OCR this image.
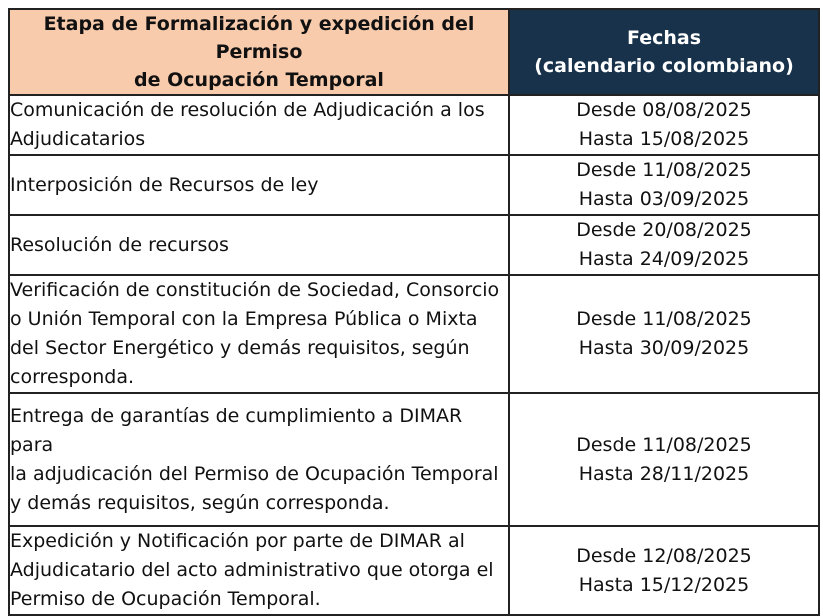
Etapa de Formalización y expedición del Permiso
de Ocupación Temporal	Fechas
(calendario colombiano)

Comunicación de resolución de Adjudicación a los
Adjudicatarios	Desde 08/08/2025
Hasta 15/08/2025

Interposición de Recursos de ley	Desde 11/08/2025
Hasta 03/09/2025

Resolución de recursos	Desde 20/08/2025
Hasta 24/09/2025

Verificación de constitución de Sociedad, Consorcio
o Unión Temporal con la Empresa Pública o Mixta
del Sector Energético y demás requisitos, según
corresponda.	Desde 11/08/2025
Hasta 30/09/2025

Entrega de garantías de cumplimiento a DIMAR para
la adjudicación del Permiso de Ocupación Temporal
y demás requisitos, según corresponda.	Desde 11/08/2025
Hasta 28/11/2025

Expedición y Notificación por parte de DIMAR al
Adjudicatario del acto administrativo que otorga el
Permiso de Ocupación Temporal.	Desde 12/08/2025
Hasta 15/12/2025
